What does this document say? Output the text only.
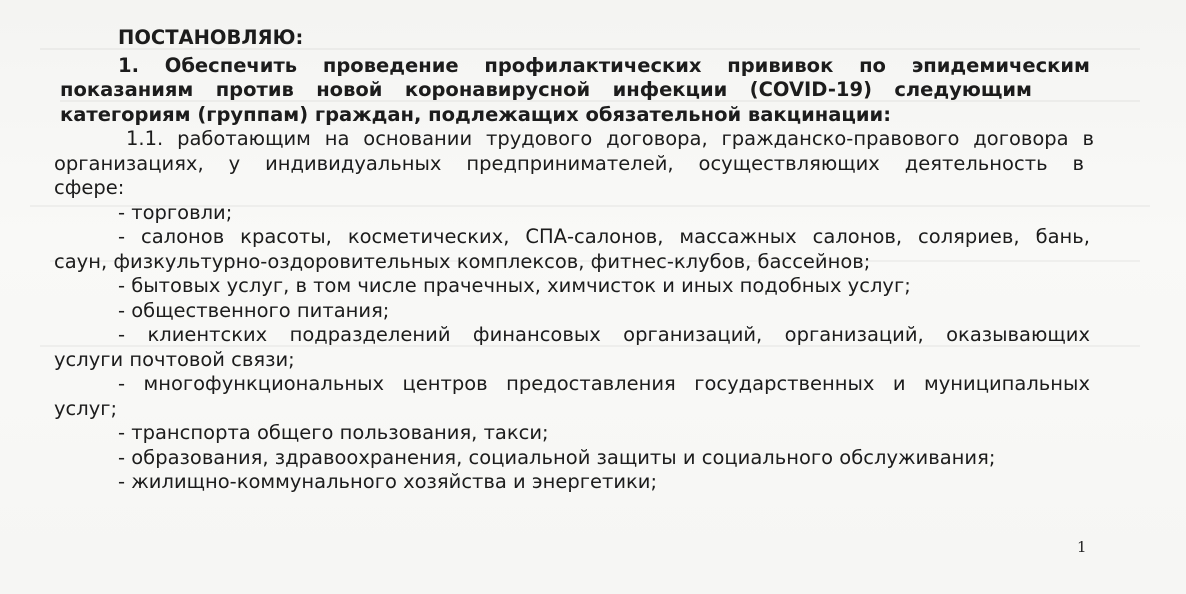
ПОСТАНОВЛЯЮ:
1. Обеспечить проведение профилактических прививок по эпидемическим
показаниям против новой коронавирусной инфекции (COVID-19) следующим
категориям (группам) граждан, подлежащих обязательной вакцинации:
1.1. работающим на основании трудового договора, гражданско-правового договора в
организациях, у индивидуальных предпринимателей, осуществляющих деятельность в
сфере:
- торговли;
- салонов красоты, косметических, СПА-салонов, массажных салонов, соляриев, бань,
саун, физкультурно-оздоровительных комплексов, фитнес-клубов, бассейнов;
- бытовых услуг, в том числе прачечных, химчисток и иных подобных услуг;
- общественного питания;
- клиентских подразделений финансовых организаций, организаций, оказывающих
услуги почтовой связи;
- многофункциональных центров предоставления государственных и муниципальных
услуг;
- транспорта общего пользования, такси;
- образования, здравоохранения, социальной защиты и социального обслуживания;
- жилищно-коммунального хозяйства и энергетики;
1
